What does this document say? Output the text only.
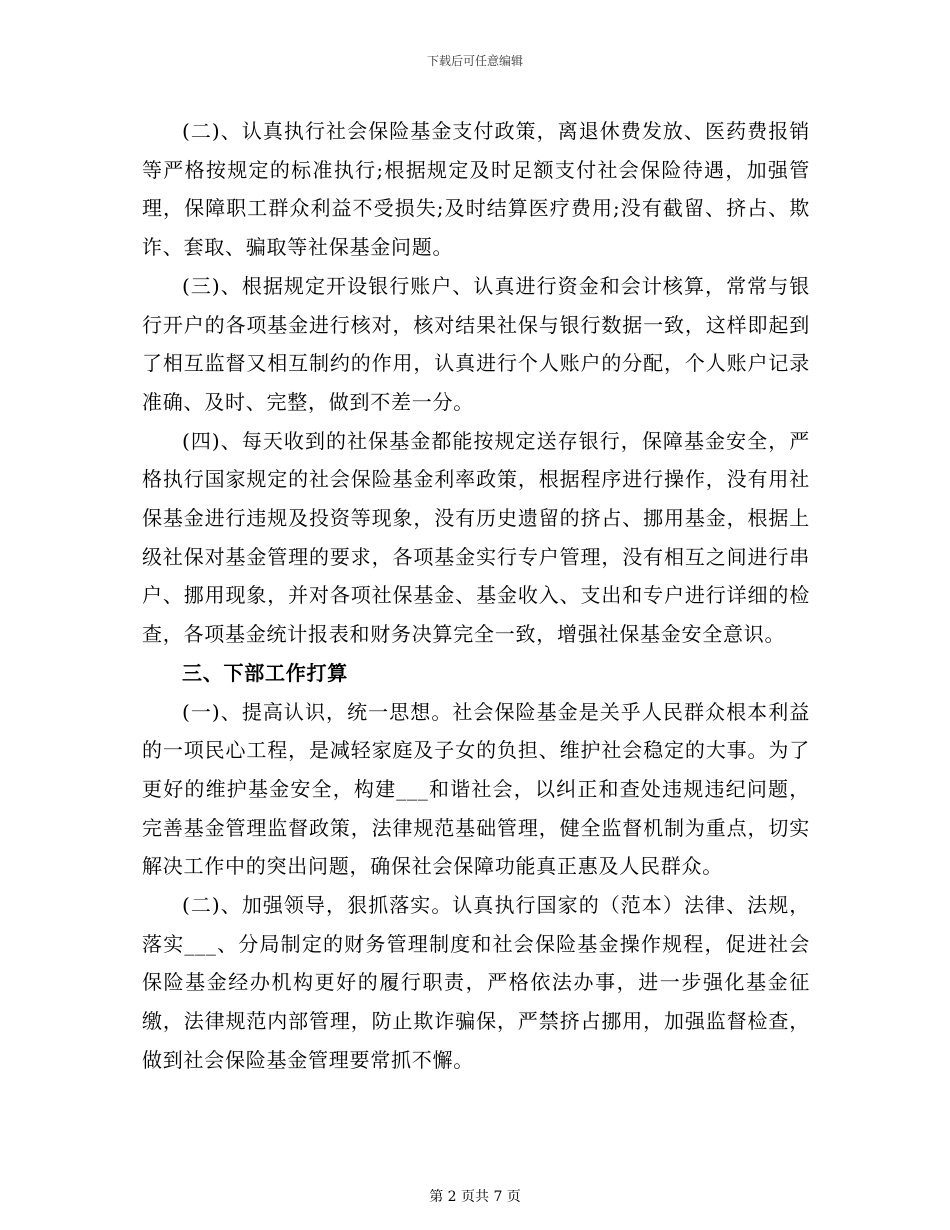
下载后可任意编辑

(二)、认真执行社会保险基金支付政策，离退休费发放、医药费报销等严格按规定的标准执行;根据规定及时足额支付社会保险待遇，加强管理，保障职工群众利益不受损失;及时结算医疗费用;没有截留、挤占、欺诈、套取、骗取等社保基金问题。

(三)、根据规定开设银行账户、认真进行资金和会计核算，常常与银行开户的各项基金进行核对，核对结果社保与银行数据一致，这样即起到了相互监督又相互制约的作用，认真进行个人账户的分配，个人账户记录准确、及时、完整，做到不差一分。

(四)、每天收到的社保基金都能按规定送存银行，保障基金安全，严格执行国家规定的社会保险基金利率政策，根据程序进行操作，没有用社保基金进行违规及投资等现象，没有历史遗留的挤占、挪用基金，根据上级社保对基金管理的要求，各项基金实行专户管理，没有相互之间进行串户、挪用现象，并对各项社保基金、基金收入、支出和专户进行详细的检查，各项基金统计报表和财务决算完全一致，增强社保基金安全意识。

三、下部工作打算

(一)、提高认识，统一思想。社会保险基金是关乎人民群众根本利益的一项民心工程，是减轻家庭及子女的负担、维护社会稳定的大事。为了更好的维护基金安全，构建___和谐社会，以纠正和查处违规违纪问题，完善基金管理监督政策，法律规范基础管理，健全监督机制为重点，切实解决工作中的突出问题，确保社会保障功能真正惠及人民群众。

(二)、加强领导，狠抓落实。认真执行国家的（范本）法律、法规，落实___、分局制定的财务管理制度和社会保险基金操作规程，促进社会保险基金经办机构更好的履行职责，严格依法办事，进一步强化基金征缴，法律规范内部管理，防止欺诈骗保，严禁挤占挪用，加强监督检查，做到社会保险基金管理要常抓不懈。

第 2 页共 7 页
